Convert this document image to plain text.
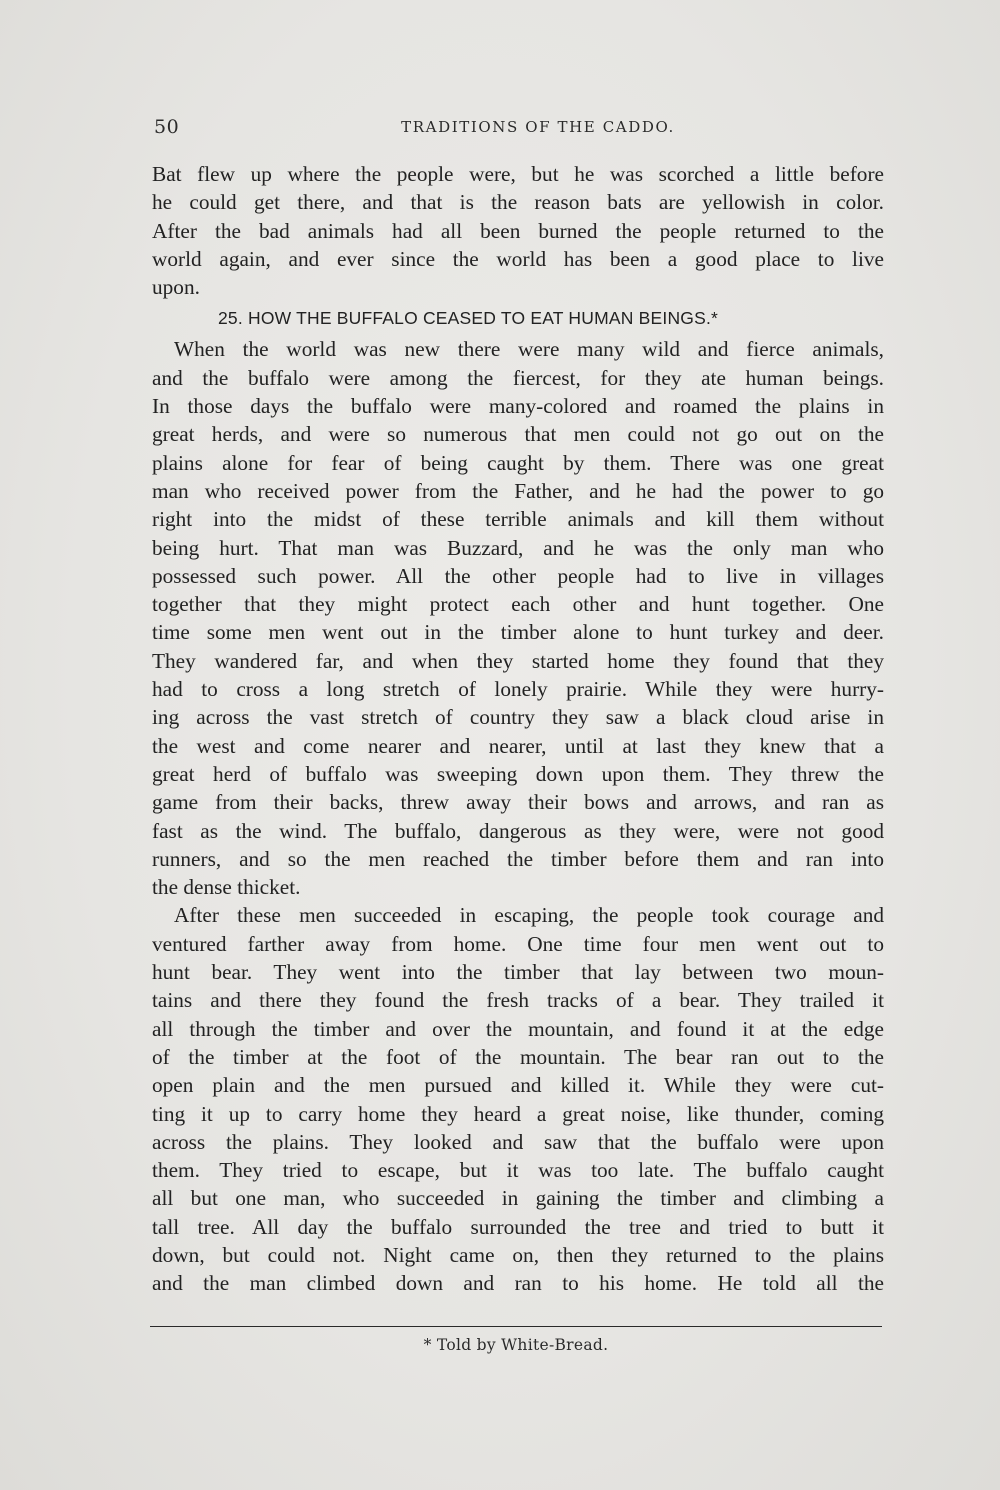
50	TRADITIONS OF THE CADDO.
Bat flew up where the people were, but he was scorched a little before
he could get there, and that is the reason bats are yellowish in color.
After the bad animals had all been burned the people returned to the
world again, and ever since the world has been a good place to live
upon.
25. HOW THE BUFFALO CEASED TO EAT HUMAN BEINGS.*
When the world was new there were many wild and fierce animals,
and the buffalo were among the fiercest, for they ate human beings.
In those days the buffalo were many-colored and roamed the plains in
great herds, and were so numerous that men could not go out on the
plains alone for fear of being caught by them. There was one great
man who received power from the Father, and he had the power to go
right into the midst of these terrible animals and kill them without
being hurt. That man was Buzzard, and he was the only man who
possessed such power. All the other people had to live in villages
together that they might protect each other and hunt together. One
time some men went out in the timber alone to hunt turkey and deer.
They wandered far, and when they started home they found that they
had to cross a long stretch of lonely prairie. While they were hurry-
ing across the vast stretch of country they saw a black cloud arise in
the west and come nearer and nearer, until at last they knew that a
great herd of buffalo was sweeping down upon them. They threw the
game from their backs, threw away their bows and arrows, and ran as
fast as the wind. The buffalo, dangerous as they were, were not good
runners, and so the men reached the timber before them and ran into
the dense thicket.
After these men succeeded in escaping, the people took courage and
ventured farther away from home. One time four men went out to
hunt bear. They went into the timber that lay between two moun-
tains and there they found the fresh tracks of a bear. They trailed it
all through the timber and over the mountain, and found it at the edge
of the timber at the foot of the mountain. The bear ran out to the
open plain and the men pursued and killed it. While they were cut-
ting it up to carry home they heard a great noise, like thunder, coming
across the plains. They looked and saw that the buffalo were upon
them. They tried to escape, but it was too late. The buffalo caught
all but one man, who succeeded in gaining the timber and climbing a
tall tree. All day the buffalo surrounded the tree and tried to butt it
down, but could not. Night came on, then they returned to the plains
and the man climbed down and ran to his home. He told all the
* Told by White-Bread.
